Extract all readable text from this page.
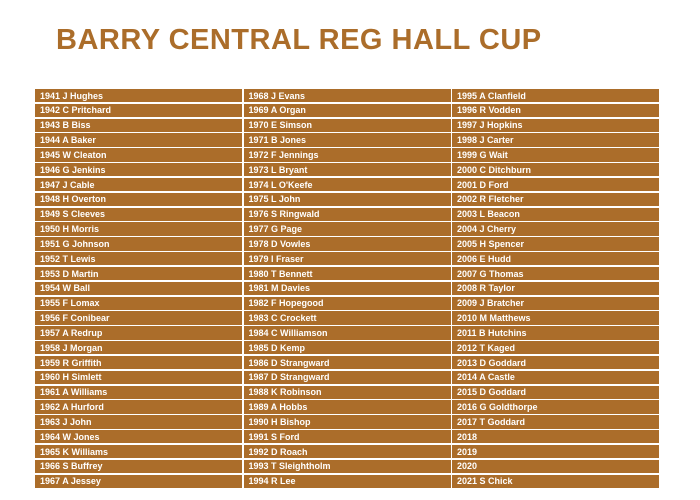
BARRY CENTRAL REG HALL CUP
1941 J Hughes
1942 C Pritchard
1943 B Biss
1944 A Baker
1945 W Cleaton
1946 G Jenkins
1947 J Cable
1948 H Overton
1949 S Cleeves
1950 H Morris
1951 G Johnson
1952 T Lewis
1953 D Martin
1954 W Ball
1955 F Lomax
1956 F Conibear
1957 A Redrup
1958 J Morgan
1959 R Griffith
1960 H Simlett
1961 A Williams
1962 A Hurford
1963 J John
1964 W Jones
1965 K Williams
1966 S Buffrey
1967 A Jessey
1968 J Evans
1969 A Organ
1970 E Simson
1971 B Jones
1972 F Jennings
1973 L Bryant
1974 L O'Keefe
1975 L John
1976 S Ringwald
1977 G Page
1978 D Vowles
1979 I Fraser
1980 T Bennett
1981 M Davies
1982 F Hopegood
1983 C Crockett
1984 C Williamson
1985 D Kemp
1986 D Strangward
1987 D Strangward
1988 K Robinson
1989 A Hobbs
1990 H Bishop
1991 S Ford
1992 D Roach
1993 T Sleightholm
1994 R Lee
1995 A Clanfield
1996 R Vodden
1997 J Hopkins
1998 J Carter
1999 G Wait
2000 C Ditchburn
2001 D Ford
2002 R Fletcher
2003 L Beacon
2004 J Cherry
2005 H Spencer
2006 E Hudd
2007 G Thomas
2008 R Taylor
2009 J Bratcher
2010 M Matthews
2011 B Hutchins
2012 T Kaged
2013 D Goddard
2014 A Castle
2015 D Goddard
2016 G Goldthorpe
2017 T Goddard
2018
2019
2020
2021 S Chick
